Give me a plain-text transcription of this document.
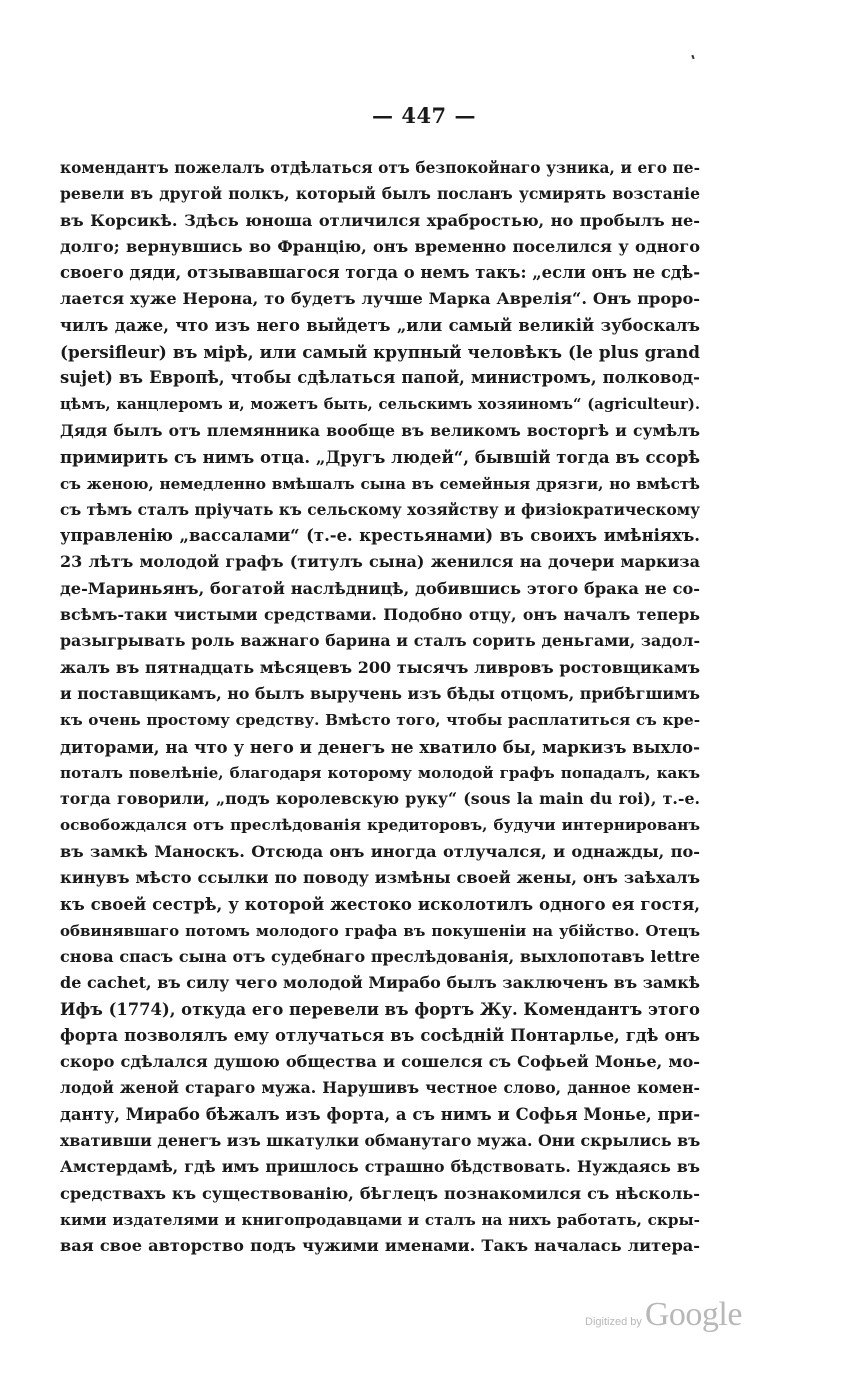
— 447 —
комендантъ пожелалъ отдѣлаться отъ безпокойнаго узника, и его пе-
ревели въ другой полкъ, который былъ посланъ усмирять возстаніе
въ Корсикѣ. Здѣсь юноша отличился храбростью, но пробылъ не-
долго; вернувшись во Францію, онъ временно поселился у одного
своего дяди, отзывавшагося тогда о немъ такъ: „если онъ не сдѣ-
лается хуже Нерона, то будетъ лучше Марка Аврелія“. Онъ проро-
чилъ даже, что изъ него выйдетъ „или самый великій зубоскалъ
(persifleur) въ мірѣ, или самый крупный человѣкъ (le plus grand
sujet) въ Европѣ, чтобы сдѣлаться папой, министромъ, полковод-
цѣмъ, канцлеромъ и, можетъ быть, сельскимъ хозяиномъ“ (agriculteur).
Дядя былъ отъ племянника вообще въ великомъ восторгѣ и сумѣлъ
примирить съ нимъ отца. „Другъ людей“, бывшій тогда въ ссорѣ
съ женою, немедленно вмѣшалъ сына въ семейныя дрязги, но вмѣстѣ
съ тѣмъ сталъ пріучать къ сельскому хозяйству и физіократическому
управленію „вассалами“ (т.-е. крестьянами) въ своихъ имѣніяхъ.
23 лѣтъ молодой графъ (титулъ сына) женился на дочери маркиза
де-Мариньянъ, богатой наслѣдницѣ, добившись этого брака не со-
всѣмъ-таки чистыми средствами. Подобно отцу, онъ началъ теперь
разыгрывать роль важнаго барина и сталъ сорить деньгами, задол-
жалъ въ пятнадцать мѣсяцевъ 200 тысячъ ливровъ ростовщикамъ
и поставщикамъ, но былъ выручень изъ бѣды отцомъ, прибѣгшимъ
къ очень простому средству. Вмѣсто того, чтобы расплатиться съ кре-
диторами, на что у него и денегъ не хватило бы, маркизъ выхло-
поталъ повелѣніе, благодаря которому молодой графъ попадалъ, какъ
тогда говорили, „подъ королевскую руку“ (sous la main du roi), т.-е.
освобождался отъ преслѣдованія кредиторовъ, будучи интернированъ
въ замкѣ Маноскъ. Отсюда онъ иногда отлучался, и однажды, по-
кинувъ мѣсто ссылки по поводу измѣны своей жены, онъ заѣхалъ
къ своей сестрѣ, у которой жестоко исколотилъ одного ея гостя,
обвинявшаго потомъ молодого графа въ покушеніи на убійство. Отецъ
снова спасъ сына отъ судебнаго преслѣдованія, выхлопотавъ lettre
de cachet, въ силу чего молодой Мирабо былъ заключенъ въ замкѣ
Ифъ (1774), откуда его перевели въ фортъ Жу. Комендантъ этого
форта позволялъ ему отлучаться въ сосѣдній Понтарлье, гдѣ онъ
скоро сдѣлался душою общества и сошелся съ Софьей Монье, мо-
лодой женой стараго мужа. Нарушивъ честное слово, данное комен-
данту, Мирабо бѣжалъ изъ форта, а съ нимъ и Софья Монье, при-
хвативши денегъ изъ шкатулки обманутаго мужа. Они скрылись въ
Амстердамѣ, гдѣ имъ пришлось страшно бѣдствовать. Нуждаясь въ
средствахъ къ существованію, бѣглецъ познакомился съ нѣсколь-
кими издателями и книгопродавцами и сталъ на нихъ работать, скры-
вая свое авторство подъ чужими именами. Такъ началась литера-
Digitized byGoogle
